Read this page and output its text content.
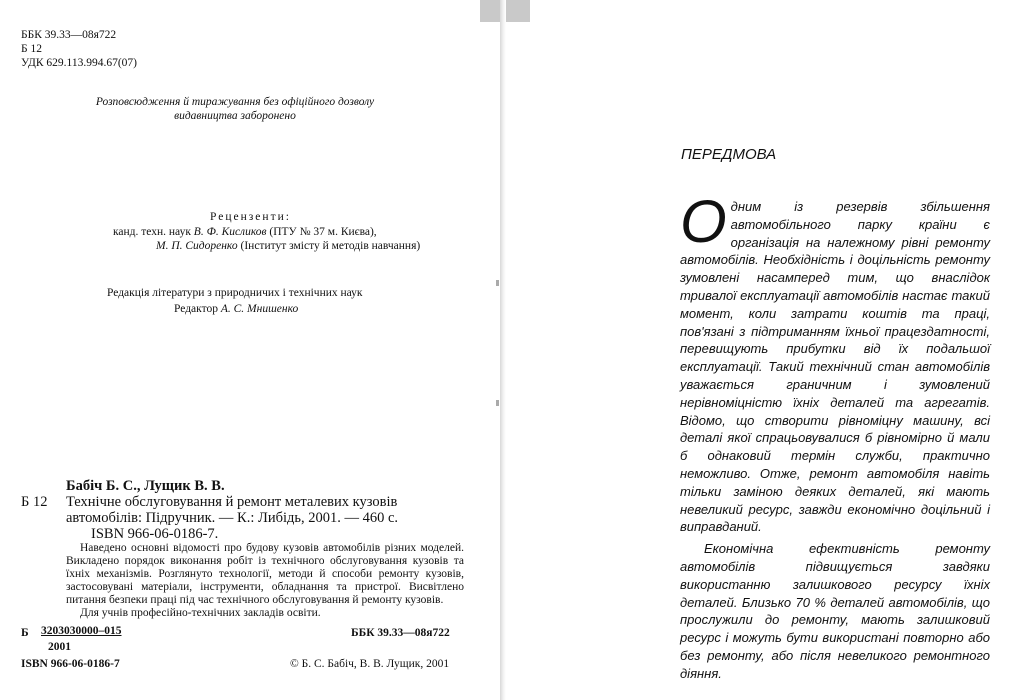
ББК 39.33—08я722
Б 12
УДК 629.113.994.67(07)
Розповсюдження й тиражування без офіційного дозволу видавництва заборонено
Рецензенти:
канд. техн. наук В. Ф. Кисликов (ПТУ № 37 м. Києва),
М. П. Сидоренко (Інститут змісту й методів навчання)
Редакція літератури з природничих і технічних наук
Редактор А. С. Мнишенко
Бабіч Б. С., Лущик В. В.
Б 12 Технічне обслуговування й ремонт металевих кузовів
автомобілів: Підручник. — К.: Либідь, 2001. — 460 с.
ISBN 966-06-0186-7.

Наведено основні відомості про будову кузовів автомобілів різних моделей. Викладено порядок виконання робіт із технічного обслуговування кузовів та їхніх механізмів. Розглянуто технології, методи й способи ремонту кузовів, застосовувані матеріали, інструменти, обладнання та пристрої. Висвітлено питання безпеки праці під час технічного обслуговування й ремонту кузовів.

Для учнів професійно-технічних закладів освіти.

Б 3203030000–015
2001
ББК 39.33—08я722
ISBN 966-06-0186-7	© Б. С. Бабіч, В. В. Лущик, 2001
ПЕРЕДМОВА

Одним із резервів збільшення автомобільного парку країни є організація на належному рівні ремонту автомобілів. Необхідність і доцільність ремонту зумовлені насамперед тим, що внаслідок тривалої експлуатації автомобілів настає такий момент, коли затрати коштів та праці, пов'язані з підтриманням їхньої працездатності, перевищують прибутки від їх подальшої експлуатації. Такий технічний стан автомобілів уважається граничним і зумовлений нерівноміцністю їхніх деталей та агрегатів. Відомо, що створити рівноміцну машину, всі деталі якої спрацьовувалися б рівномірно й мали б однаковий термін служби, практично неможливо. Отже, ремонт автомобіля навіть тільки заміною деяких деталей, які мають невеликий ресурс, завжди економічно доцільний і виправданий.

Економічна ефективність ремонту автомобілів підвищується завдяки використанню залишкового ресурсу їхніх деталей. Близько 70 % деталей автомобілів, що прослужили до ремонту, мають залишковий ресурс і можуть бути використані повторно або без ремонту, або після невеликого ремонтного діяння.
